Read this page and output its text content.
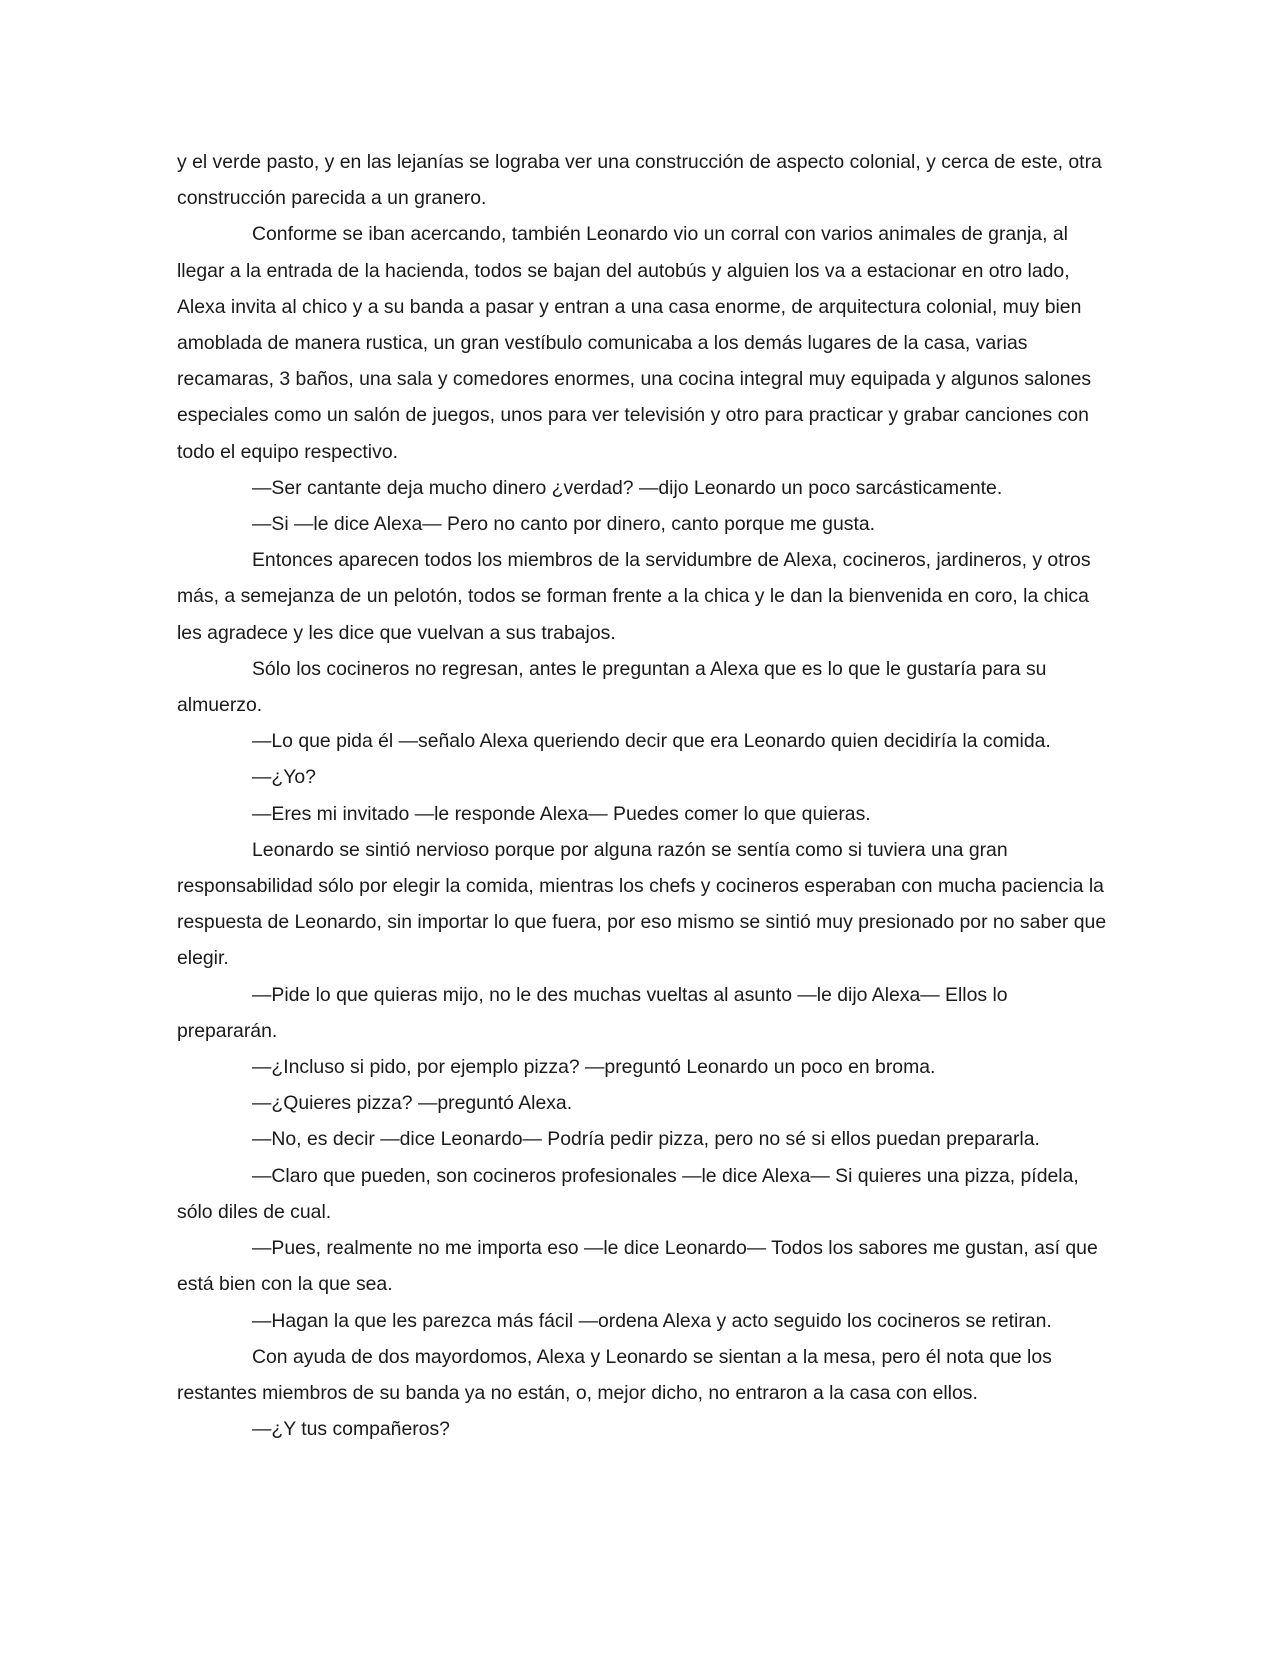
y el verde pasto, y en las lejanías se lograba ver una construcción de aspecto colonial, y cerca de este, otra construcción parecida a un granero.

Conforme se iban acercando, también Leonardo vio un corral con varios animales de granja, al llegar a la entrada de la hacienda, todos se bajan del autobús y alguien los va a estacionar en otro lado, Alexa invita al chico y a su banda a pasar y entran a una casa enorme, de arquitectura colonial, muy bien amoblada de manera rustica, un gran vestíbulo comunicaba a los demás lugares de la casa, varias recamaras, 3 baños, una sala y comedores enormes, una cocina integral muy equipada y algunos salones especiales como un salón de juegos, unos para ver televisión y otro para practicar y grabar canciones con todo el equipo respectivo.

—Ser cantante deja mucho dinero ¿verdad? —dijo Leonardo un poco sarcásticamente.

—Si —le dice Alexa— Pero no canto por dinero, canto porque me gusta.

Entonces aparecen todos los miembros de la servidumbre de Alexa, cocineros, jardineros, y otros más, a semejanza de un pelotón, todos se forman frente a la chica y le dan la bienvenida en coro, la chica les agradece y les dice que vuelvan a sus trabajos.

Sólo los cocineros no regresan, antes le preguntan a Alexa que es lo que le gustaría para su almuerzo.

—Lo que pida él —señalo Alexa queriendo decir que era Leonardo quien decidiría la comida.

—¿Yo?

—Eres mi invitado —le responde Alexa— Puedes comer lo que quieras.

Leonardo se sintió nervioso porque por alguna razón se sentía como si tuviera una gran responsabilidad sólo por elegir la comida, mientras los chefs y cocineros esperaban con mucha paciencia la respuesta de Leonardo, sin importar lo que fuera, por eso mismo se sintió muy presionado por no saber que elegir.

—Pide lo que quieras mijo, no le des muchas vueltas al asunto —le dijo Alexa— Ellos lo prepararán.

—¿Incluso si pido, por ejemplo pizza? —preguntó Leonardo un poco en broma.

—¿Quieres pizza? —preguntó Alexa.

—No, es decir —dice Leonardo— Podría pedir pizza, pero no sé si ellos puedan prepararla.

—Claro que pueden, son cocineros profesionales —le dice Alexa— Si quieres una pizza, pídela, sólo diles de cual.

—Pues, realmente no me importa eso —le dice Leonardo— Todos los sabores me gustan, así que está bien con la que sea.

—Hagan la que les parezca más fácil —ordena Alexa y acto seguido los cocineros se retiran.

Con ayuda de dos mayordomos, Alexa y Leonardo se sientan a la mesa, pero él nota que los restantes miembros de su banda ya no están, o, mejor dicho, no entraron a la casa con ellos.

—¿Y tus compañeros?
